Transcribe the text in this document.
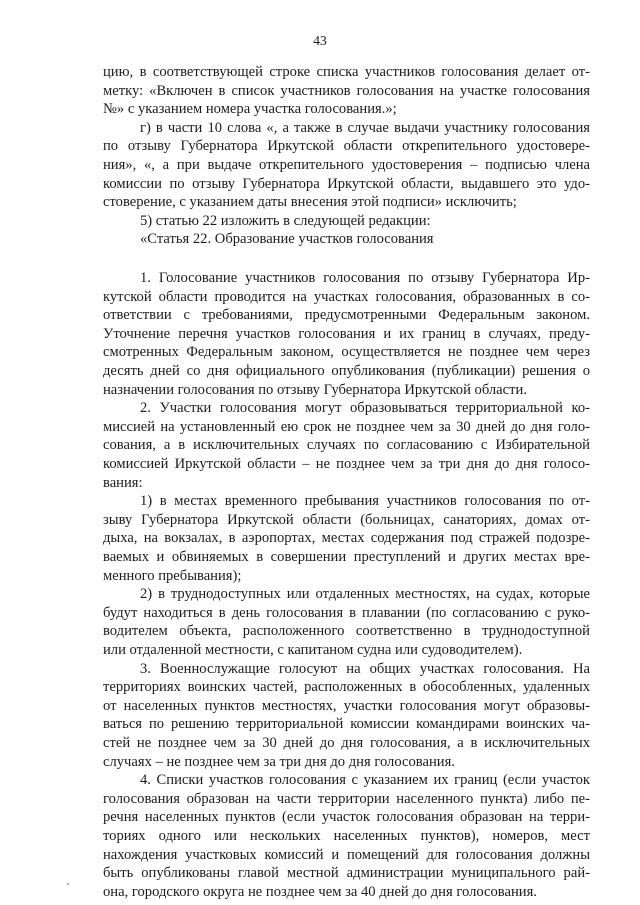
43
цию, в соответствующей строке списка участников голосования делает от-
метку: «Включен в список участников голосования на участке голосования
№» с указанием номера участка голосования.»;
г) в части 10 слова «, а также в случае выдачи участнику голосования
по отзыву Губернатора Иркутской области открепительного удостовере-
ния», «, а при выдаче открепительного удостоверения – подписью члена
комиссии по отзыву Губернатора Иркутской области, выдавшего это удо-
стоверение, с указанием даты внесения этой подписи» исключить;
5) статью 22 изложить в следующей редакции:
«Статья 22. Образование участков голосования
1. Голосование участников голосования по отзыву Губернатора Ир-
кутской области проводится на участках голосования, образованных в со-
ответствии с требованиями, предусмотренными Федеральным законом.
Уточнение перечня участков голосования и их границ в случаях, преду-
смотренных Федеральным законом, осуществляется не позднее чем через
десять дней со дня официального опубликования (публикации) решения о
назначении голосования по отзыву Губернатора Иркутской области.
2. Участки голосования могут образовываться территориальной ко-
миссией на установленный ею срок не позднее чем за 30 дней до дня голо-
сования, а в исключительных случаях по согласованию с Избирательной
комиссией Иркутской области – не позднее чем за три дня до дня голосо-
вания:
1) в местах временного пребывания участников голосования по от-
зыву Губернатора Иркутской области (больницах, санаториях, домах от-
дыха, на вокзалах, в аэропортах, местах содержания под стражей подозре-
ваемых и обвиняемых в совершении преступлений и других местах вре-
менного пребывания);
2) в труднодоступных или отдаленных местностях, на судах, которые
будут находиться в день голосования в плавании (по согласованию с руко-
водителем объекта, расположенного соответственно в труднодоступной
или отдаленной местности, с капитаном судна или судоводителем).
3. Военнослужащие голосуют на общих участках голосования. На
территориях воинских частей, расположенных в обособленных, удаленных
от населенных пунктов местностях, участки голосования могут образовы-
ваться по решению территориальной комиссии командирами воинских ча-
стей не позднее чем за 30 дней до дня голосования, а в исключительных
случаях – не позднее чем за три дня до дня голосования.
4. Списки участков голосования с указанием их границ (если участок
голосования образован на части территории населенного пункта) либо пе-
речня населенных пунктов (если участок голосования образован на терри-
ториях одного или нескольких населенных пунктов), номеров, мест
нахождения участковых комиссий и помещений для голосования должны
быть опубликованы главой местной администрации муниципального рай-
она, городского округа не позднее чем за 40 дней до дня голосования.
